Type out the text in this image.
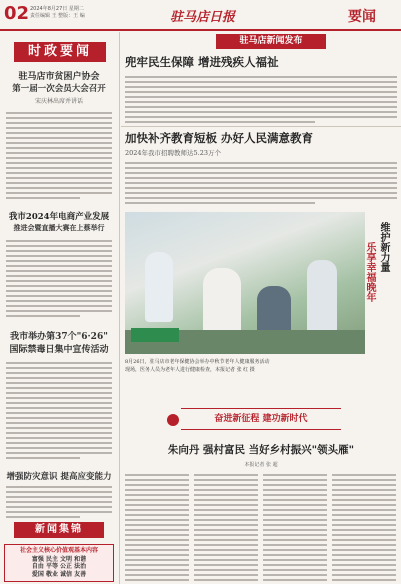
02 2024年8月27日 星期二
责任编辑 王 整版：王 编	驻马店日报	要闻
时政要闻
驻马店市贫困户协会
第一届一次会员大会召开
宋庆林出席并讲话
我市2024年电商产业发展
推进会暨直播大赛在上蔡举行
我市举办第37个"6·26"
国际禁毒日集中宣传活动
增强防灾意识 提高应变能力
新闻集锦
社会主义核心价值观基本内容
富强 民主 文明 和谐
自由 平等 公正 法治
爱国 敬业 诚信 友善
驻马店新闻发布
兜牢民生保障 增进残疾人福祉
加快补齐教育短板 办好人民满意教育
2024年我市招聘教师达5.23万个
维护新力量
乐享幸福晚年
8月26日，驻马店市老年保健协会举办中秋节老年人健康服务活动
现场，医务人员为老年人进行健康检查，本报记者 张 红 摄
奋进新征程 建功新时代
朱向丹 强村富民 当好乡村振兴"领头雁"
本报记者 张 超
